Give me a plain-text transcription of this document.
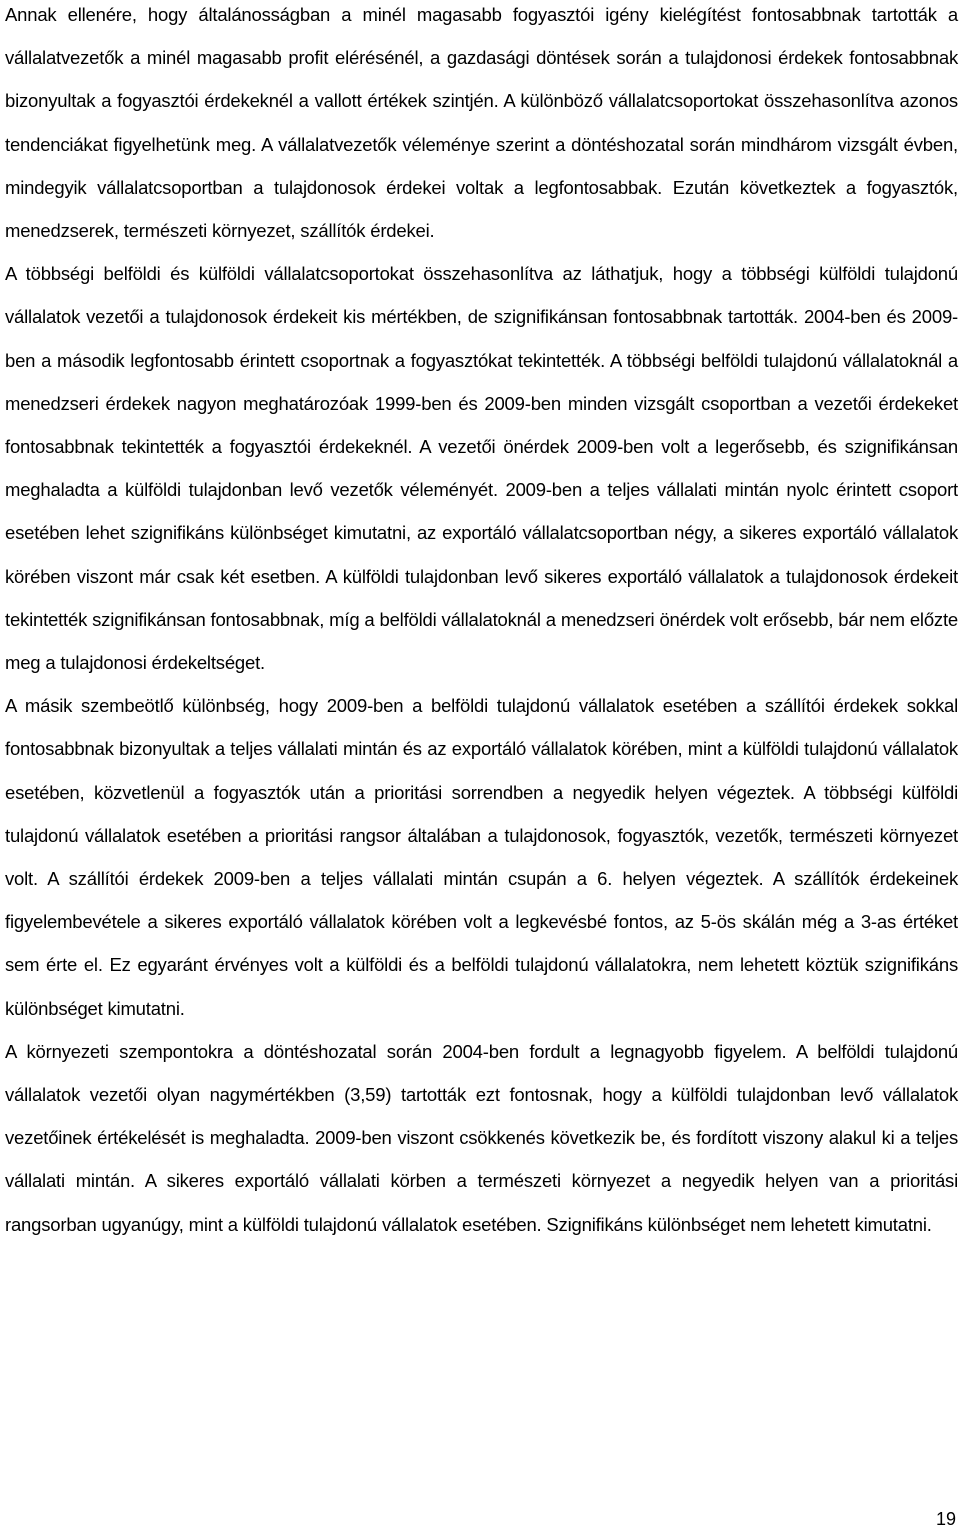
Annak ellenére, hogy általánosságban a minél magasabb fogyasztói igény kielégítést fontosabbnak tartották a vállalatvezetők a minél magasabb profit elérésénél, a gazdasági döntések során a tulajdonosi érdekek fontosabbnak bizonyultak a fogyasztói érdekeknél a vallott értékek szintjén. A különböző vállalatcsoportokat összehasonlítva azonos tendenciákat figyelhetünk meg. A vállalatvezetők véleménye szerint a döntéshozatal során mindhárom vizsgált évben, mindegyik vállalatcsoportban a tulajdonosok érdekei voltak a legfontosabbak. Ezután következtek a fogyasztók, menedzserek, természeti környezet, szállítók érdekei.

A többségi belföldi és külföldi vállalatcsoportokat összehasonlítva az láthatjuk, hogy a többségi külföldi tulajdonú vállalatok vezetői a tulajdonosok érdekeit kis mértékben, de szignifikánsan fontosabbnak tartották. 2004-ben és 2009-ben a második legfontosabb érintett csoportnak a fogyasztókat tekintették. A többségi belföldi tulajdonú vállalatoknál a menedzseri érdekek nagyon meghatározóak 1999-ben és 2009-ben minden vizsgált csoportban a vezetői érdekeket fontosabbnak tekintették a fogyasztói érdekeknél. A vezetői önérdek 2009-ben volt a legerősebb, és szignifikánsan meghaladta a külföldi tulajdonban levő vezetők véleményét. 2009-ben a teljes vállalati mintán nyolc érintett csoport esetében lehet szignifikáns különbséget kimutatni, az exportáló vállalatcsoportban négy, a sikeres exportáló vállalatok körében viszont már csak két esetben. A külföldi tulajdonban levő sikeres exportáló vállalatok a tulajdonosok érdekeit tekintették szignifikánsan fontosabbnak, míg a belföldi vállalatoknál a menedzseri önérdek volt erősebb, bár nem előzte meg a tulajdonosi érdekeltséget.

A másik szembeötlő különbség, hogy 2009-ben a belföldi tulajdonú vállalatok esetében a szállítói érdekek sokkal fontosabbnak bizonyultak a teljes vállalati mintán és az exportáló vállalatok körében, mint a külföldi tulajdonú vállalatok esetében, közvetlenül a fogyasztók után a prioritási sorrendben a negyedik helyen végeztek. A többségi külföldi tulajdonú vállalatok esetében a prioritási rangsor általában a tulajdonosok, fogyasztók, vezetők, természeti környezet volt. A szállítói érdekek 2009-ben a teljes vállalati mintán csupán a 6. helyen végeztek. A szállítók érdekeinek figyelembevétele a sikeres exportáló vállalatok körében volt a legkevésbé fontos, az 5-ös skálán még a 3-as értéket sem érte el. Ez egyaránt érvényes volt a külföldi és a belföldi tulajdonú vállalatokra, nem lehetett köztük szignifikáns különbséget kimutatni.

A környezeti szempontokra a döntéshozatal során 2004-ben fordult a legnagyobb figyelem. A belföldi tulajdonú vállalatok vezetői olyan nagymértékben (3,59) tartották ezt fontosnak, hogy a külföldi tulajdonban levő vállalatok vezetőinek értékelését is meghaladta. 2009-ben viszont csökkenés következik be, és fordított viszony alakul ki a teljes vállalati mintán. A sikeres exportáló vállalati körben a természeti környezet a negyedik helyen van a prioritási rangsorban ugyanúgy, mint a külföldi tulajdonú vállalatok esetében. Szignifikáns különbséget nem lehetett kimutatni.

19
